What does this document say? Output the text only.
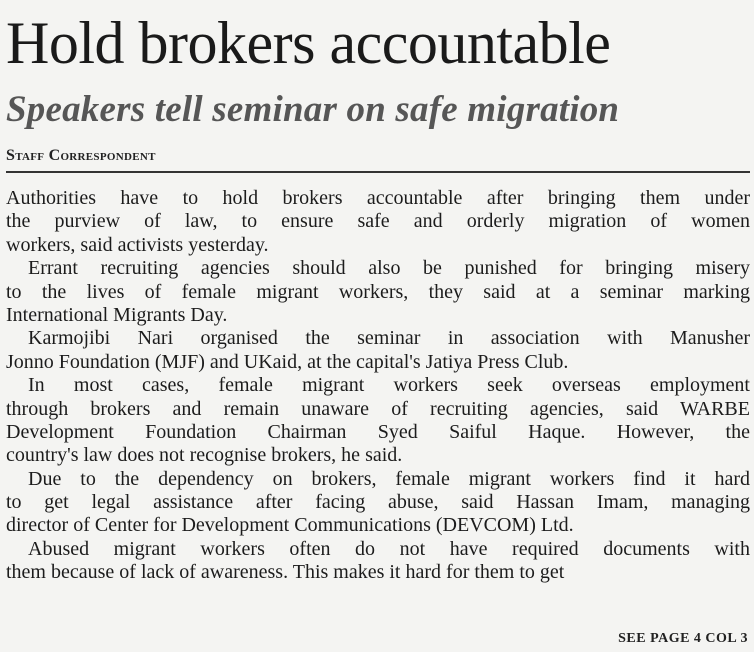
Hold brokers accountable
Speakers tell seminar on safe migration

Staff Correspondent

Authorities have to hold brokers accountable after bringing them under
the purview of law, to ensure safe and orderly migration of women
workers, said activists yesterday.
Errant recruiting agencies should also be punished for bringing misery
to the lives of female migrant workers, they said at a seminar marking
International Migrants Day.
Karmojibi Nari organised the seminar in association with Manusher
Jonno Foundation (MJF) and UKaid, at the capital's Jatiya Press Club.
In most cases, female migrant workers seek overseas employment
through brokers and remain unaware of recruiting agencies, said WARBE
Development Foundation Chairman Syed Saiful Haque. However, the
country's law does not recognise brokers, he said.
Due to the dependency on brokers, female migrant workers find it hard
to get legal assistance after facing abuse, said Hassan Imam, managing
director of Center for Development Communications (DEVCOM) Ltd.
Abused migrant workers often do not have required documents with
them because of lack of awareness. This makes it hard for them to get

SEE PAGE 4 COL 3
